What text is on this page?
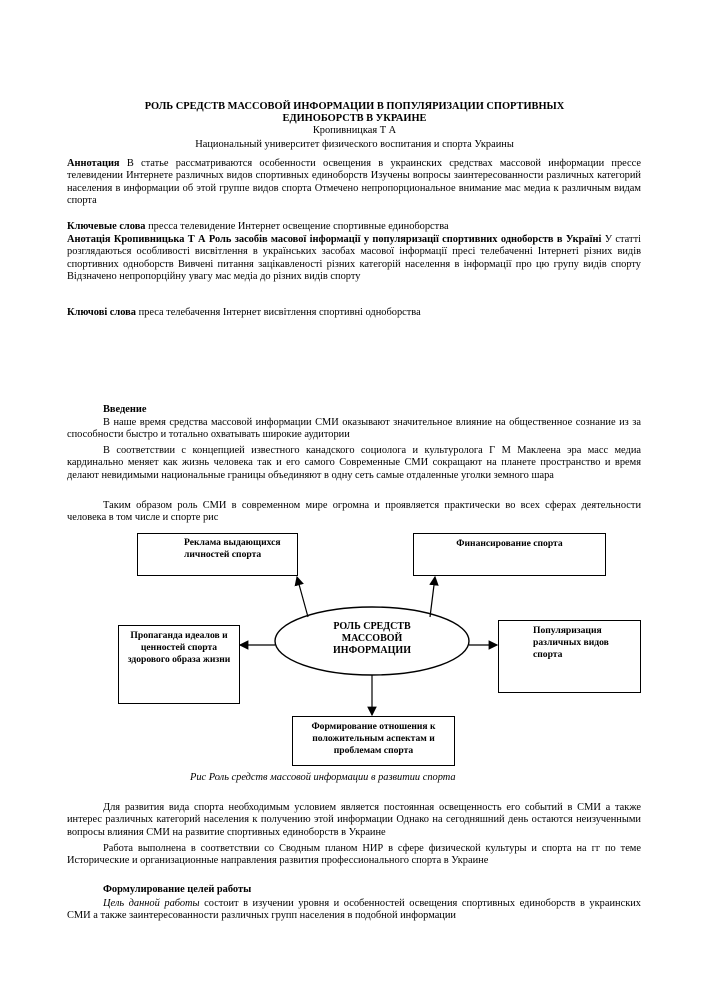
РОЛЬ СРЕДСТВ МАССОВОЙ ИНФОРМАЦИИ В ПОПУЛЯРИЗАЦИИ СПОРТИВНЫХ
ЕДИНОБОРСТВ В УКРАИНЕ
Кропивницкая Т А
Национальный университет физического воспитания и спорта Украины

Аннотация В статье рассматриваются особенности освещения в украинских средствах массовой информации прессе телевидении Интернете различных видов спортивных единоборств Изучены вопросы заинтересованности различных категорий населения в информации об этой группе видов спорта Отмечено непропорциональное внимание мас медиа к различным видам спорта

Ключевые слова пресса телевидение Интернет освещение спортивные единоборства

Анотація Кропивницька Т А Роль засобів масової інформації у популяризації спортивних одноборств в Україні У статті розглядаються особливості висвітлення в українських засобах масової інформації пресі телебаченні Інтернеті різних видів спортивних одноборств Вивчені питання зацікавленості різних категорій населення в інформації про цю групу видів спорту Відзначено непропорційну увагу мас медіа до різних видів спорту

Ключові слова преса телебачення Інтернет висвітлення спортивні одноборства

Введение

В наше время средства массовой информации СМИ оказывают значительное влияние на общественное сознание из за способности быстро и тотально охватывать широкие аудитории

В соответствии с концепцией известного канадского социолога и культуролога Г М Маклеена эра масс медиа кардинально меняет как жизнь человека так и его самого Современные СМИ сокращают на планете пространство и время делают невидимыми национальные границы объединяют в одну сеть самые отдаленные уголки земного шара

Таким образом роль СМИ в современном мире огромна и проявляется практически во всех сферах деятельности человека в том числе и спорте рис

Реклама выдающихся личностей спорта
Финансирование спорта
Пропаганда идеалов и ценностей спорта здорового образа жизни
Популяризация различных видов спорта
Формирование отношения к положительным аспектам и проблемам спорта
РОЛЬ СРЕДСТВ МАССОВОЙ ИНФОРМАЦИИ
Рис Роль средств массовой информации в развитии спорта

Для развития вида спорта необходимым условием является постоянная освещенность его событий в СМИ а также интерес различных категорий населения к получению этой информации Однако на сегодняшний день остаются неизученными вопросы влияния СМИ на развитие спортивных единоборств в Украине

Работа выполнена в соответствии со Сводным планом НИР в сфере физической культуры и спорта на гг по теме Исторические и организационные направления развития профессионального спорта в Украине

Формулирование целей работы

Цель данной работы состоит в изучении уровня и особенностей освещения спортивных единоборств в украинских СМИ а также заинтересованности различных групп населения в подобной информации
